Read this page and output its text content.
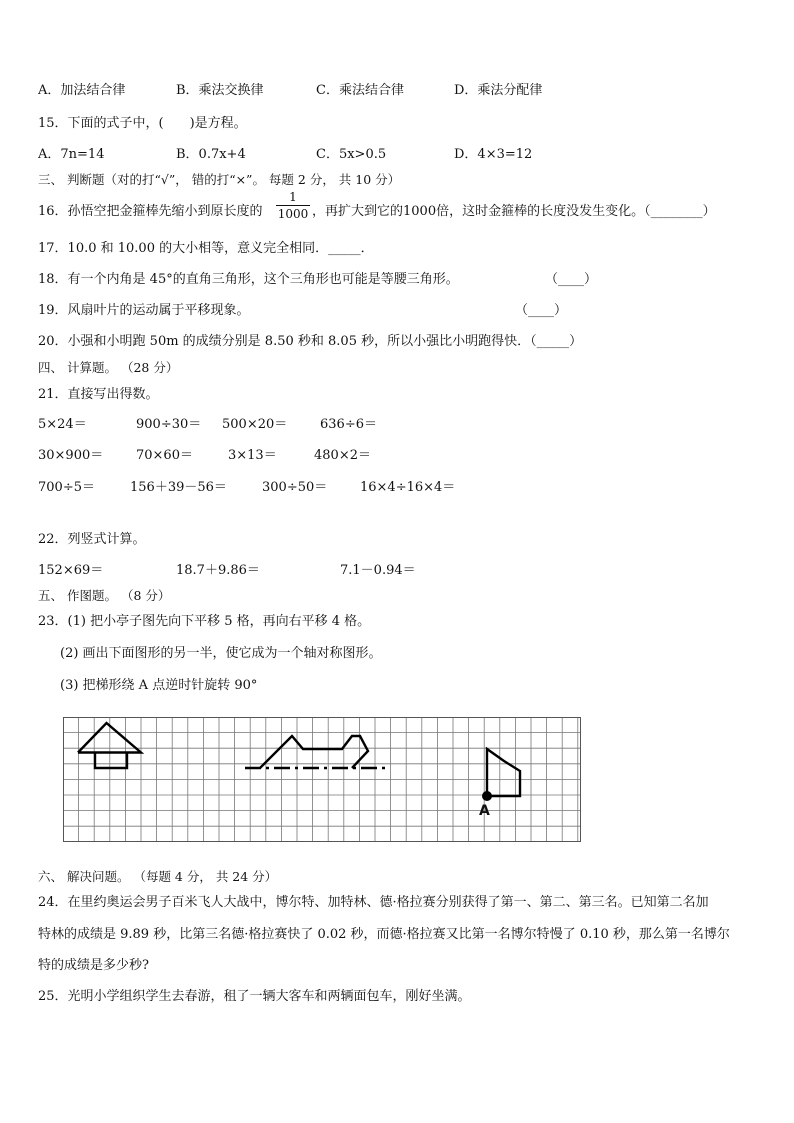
A．加法结合律	B．乘法交换律	C．乘法结合律	D．乘法分配律
15．下面的式子中，(　　)是方程。
A．7n=14	B．0.7x+4	C．5x>0.5	D．4×3=12
三、 判断题（对的打“√”， 错的打“×”。 每题 2 分， 共 10 分）
16．孙悟空把金箍棒先缩小到原长度的
1
1000 ，再扩大到它的1000倍，这时金箍棒的长度没发生变化。（________）
17．10.0 和 10.00 的大小相等，意义完全相同．_____．
18．有一个内角是 45°的直角三角形，这个三角形也可能是等腰三角形。	（____）
19．风扇叶片的运动属于平移现象。	（____）
20．小强和小明跑 50m 的成绩分别是 8.50 秒和 8.05 秒，所以小强比小明跑得快．（_____）
四、 计算题。 （28 分）
21．直接写出得数。
5×24＝	900÷30＝ 500×20＝	636÷6＝
30×900＝	70×60＝	3×13＝	480×2＝
700÷5＝	156＋39－56＝	300÷50＝	16×4÷16×4＝
22．列竖式计算。
152×69＝	18.7＋9.86＝	7.1－0.94＝
五、 作图题。 （8 分）
23．(1) 把小亭子图先向下平移 5 格，再向右平移 4 格。
(2) 画出下面图形的另一半，使它成为一个轴对称图形。
(3) 把梯形绕 A 点逆时针旋转 90°
A
六、 解决问题。 （每题 4 分， 共 24 分）
24．在里约奥运会男子百米飞人大战中，博尔特、加特林、德·格拉赛分别获得了第一、第二、第三名。已知第二名加
特林的成绩是 9.89 秒，比第三名德·格拉赛快了 0.02 秒，而德·格拉赛又比第一名博尔特慢了 0.10 秒，那么第一名博尔
特的成绩是多少秒?
25．光明小学组织学生去春游，租了一辆大客车和两辆面包车，刚好坐满。
